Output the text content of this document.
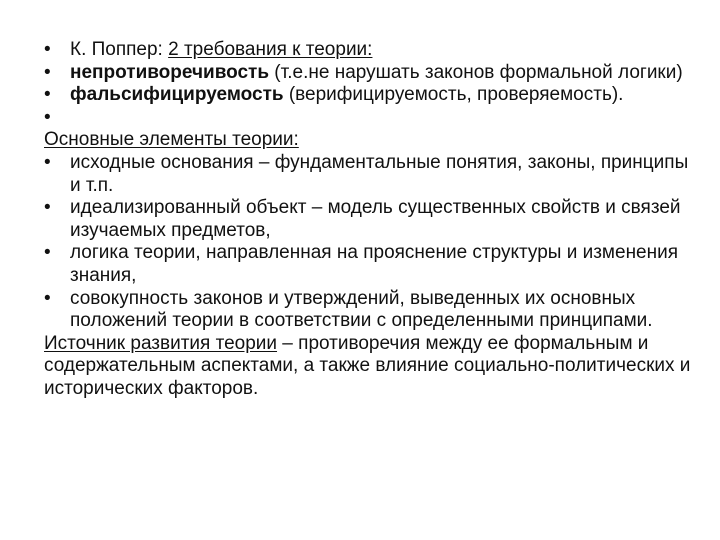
•	К. Поппер: 2 требования к теории:
•	непротиворечивость (т.е.не нарушать законов формальной логики)
•	фальсифицируемость (верифицируемость, проверяемость).
•

Основные элементы теории:

•	исходные основания – фундаментальные понятия, законы, принципы и т.п.
•	идеализированный объект – модель существенных свойств и связей изучаемых предметов,
•	логика теории, направленная на прояснение структуры и изменения знания,
•	совокупность законов и утверждений, выведенных их основных положений теории в соответствии с определенными принципами.

Источник развития теории – противоречия между ее формальным и содержательным аспектами, а также влияние социально-политических и исторических факторов.
